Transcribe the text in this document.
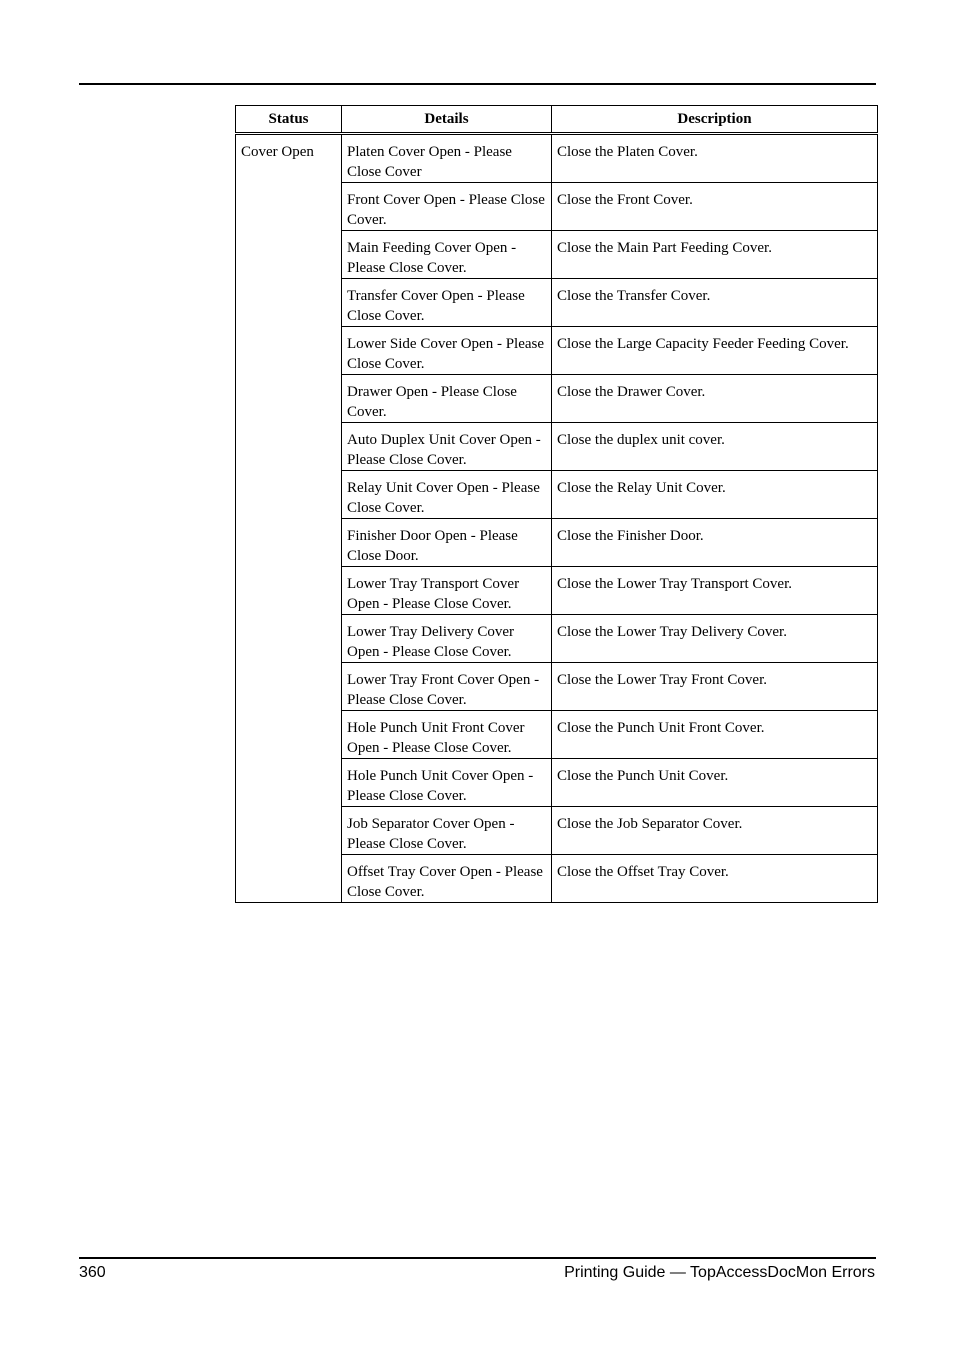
Status	Details	Description
Cover Open	Platen Cover Open - Please Close Cover	Close the Platen Cover.
	Front Cover Open - Please Close Cover.	Close the Front Cover.
	Main Feeding Cover Open - Please Close Cover.	Close the Main Part Feeding Cover.
	Transfer Cover Open - Please Close Cover.	Close the Transfer Cover.
	Lower Side Cover Open - Please Close Cover.	Close the Large Capacity Feeder Feeding Cover.
	Drawer Open - Please Close Cover.	Close the Drawer Cover.
	Auto Duplex Unit Cover Open - Please Close Cover.	Close the duplex unit cover.
	Relay Unit Cover Open - Please Close Cover.	Close the Relay Unit Cover.
	Finisher Door Open - Please Close Door.	Close the Finisher Door.
	Lower Tray Transport Cover Open - Please Close Cover.	Close the Lower Tray Transport Cover.
	Lower Tray Delivery Cover Open - Please Close Cover.	Close the Lower Tray Delivery Cover.
	Lower Tray Front Cover Open - Please Close Cover.	Close the Lower Tray Front Cover.
	Hole Punch Unit Front Cover Open - Please Close Cover.	Close the Punch Unit Front Cover.
	Hole Punch Unit Cover Open - Please Close Cover.	Close the Punch Unit Cover.
	Job Separator Cover Open - Please Close Cover.	Close the Job Separator Cover.
	Offset Tray Cover Open - Please Close Cover.	Close the Offset Tray Cover.
360	Printing Guide — TopAccessDocMon Errors
